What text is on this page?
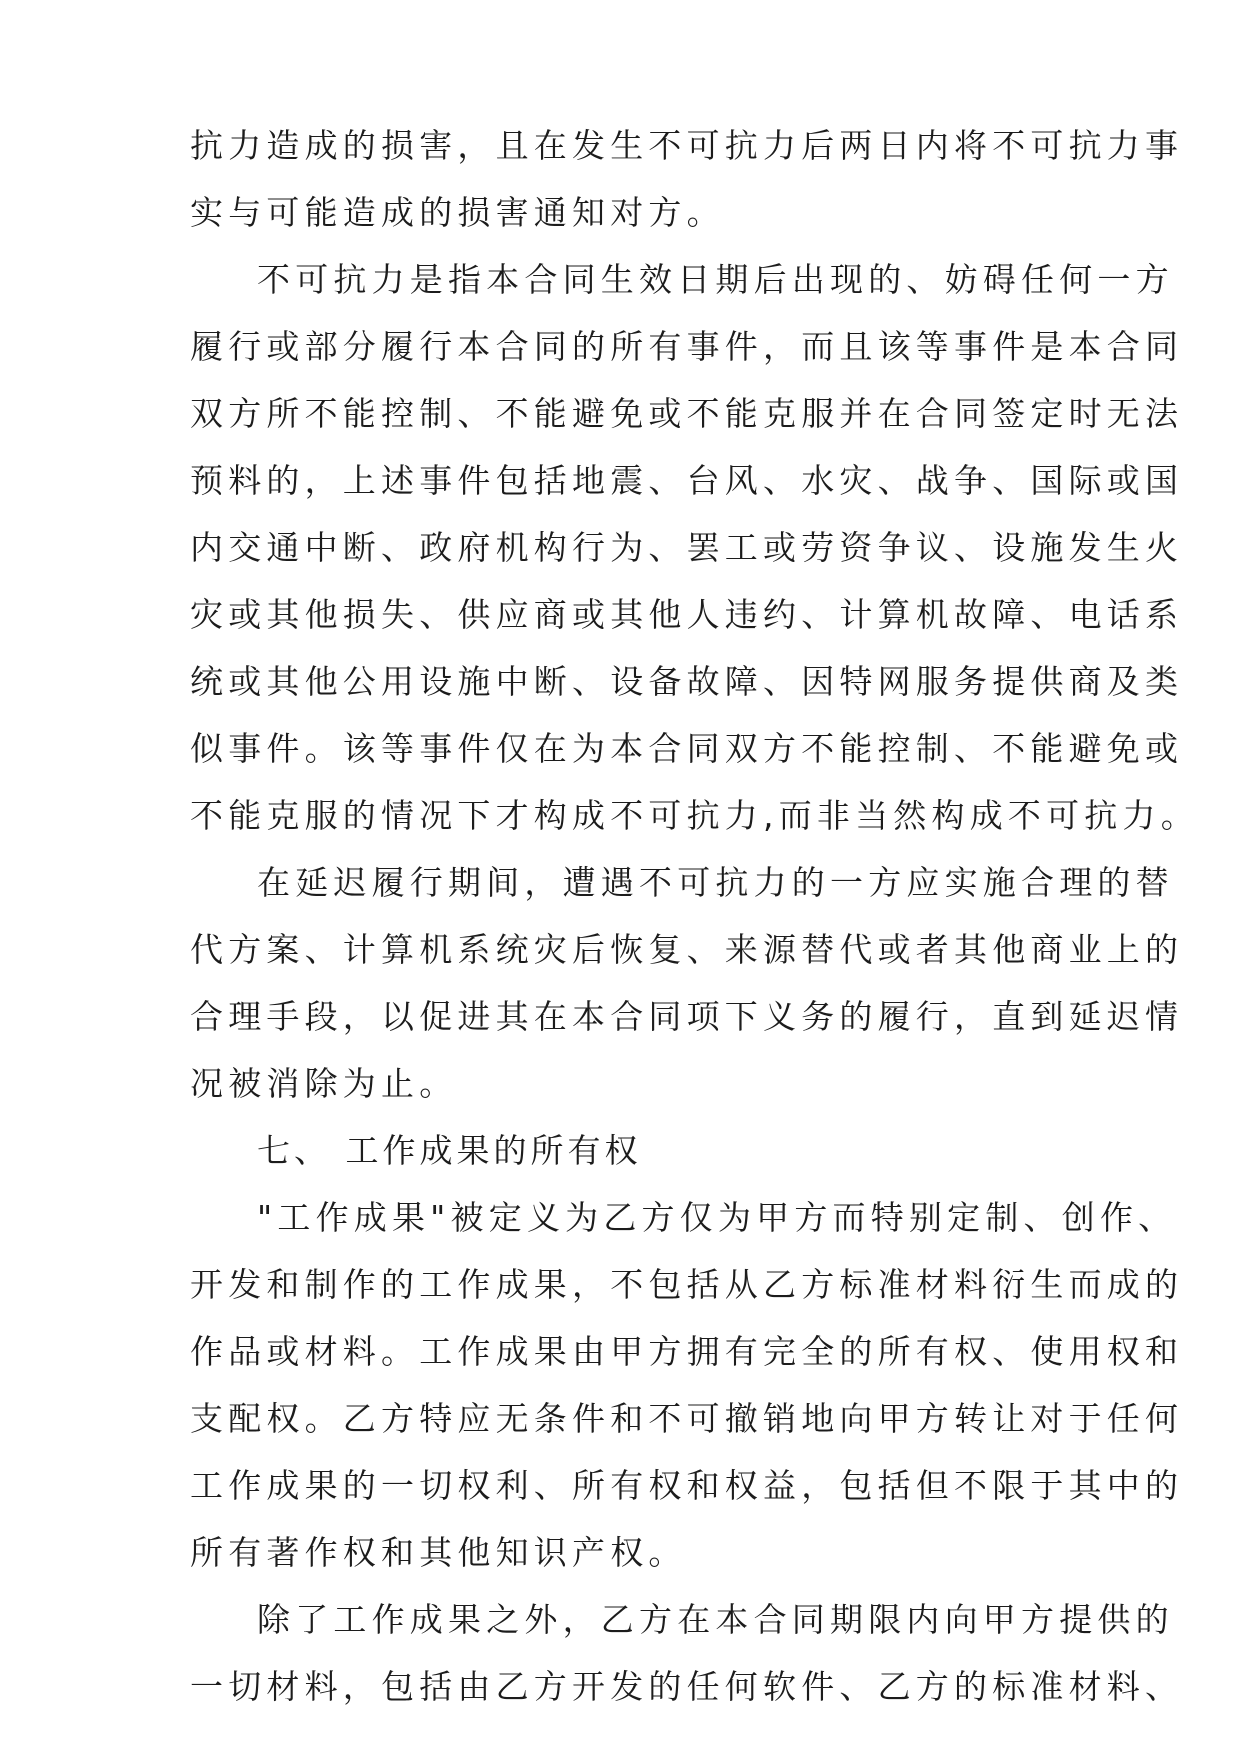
抗力造成的损害，且在发生不可抗力后两日内将不可抗力事

实与可能造成的损害通知对方。

不可抗力是指本合同生效日期后出现的、妨碍任何一方

履行或部分履行本合同的所有事件，而且该等事件是本合同

双方所不能控制、不能避免或不能克服并在合同签定时无法

预料的，上述事件包括地震、台风、水灾、战争、国际或国

内交通中断、政府机构行为、罢工或劳资争议、设施发生火

灾或其他损失、供应商或其他人违约、计算机故障、电话系

统或其他公用设施中断、设备故障、因特网服务提供商及类

似事件。该等事件仅在为本合同双方不能控制、不能避免或

不能克服的情况下才构成不可抗力,而非当然构成不可抗力。

在延迟履行期间，遭遇不可抗力的一方应实施合理的替

代方案、计算机系统灾后恢复、来源替代或者其他商业上的

合理手段，以促进其在本合同项下义务的履行，直到延迟情

况被消除为止。

七、 工作成果的所有权

"工作成果"被定义为乙方仅为甲方而特别定制、创作、

开发和制作的工作成果，不包括从乙方标准材料衍生而成的

作品或材料。工作成果由甲方拥有完全的所有权、使用权和

支配权。乙方特应无条件和不可撤销地向甲方转让对于任何

工作成果的一切权利、所有权和权益，包括但不限于其中的

所有著作权和其他知识产权。

除了工作成果之外，乙方在本合同期限内向甲方提供的

一切材料，包括由乙方开发的任何软件、乙方的标准材料、
